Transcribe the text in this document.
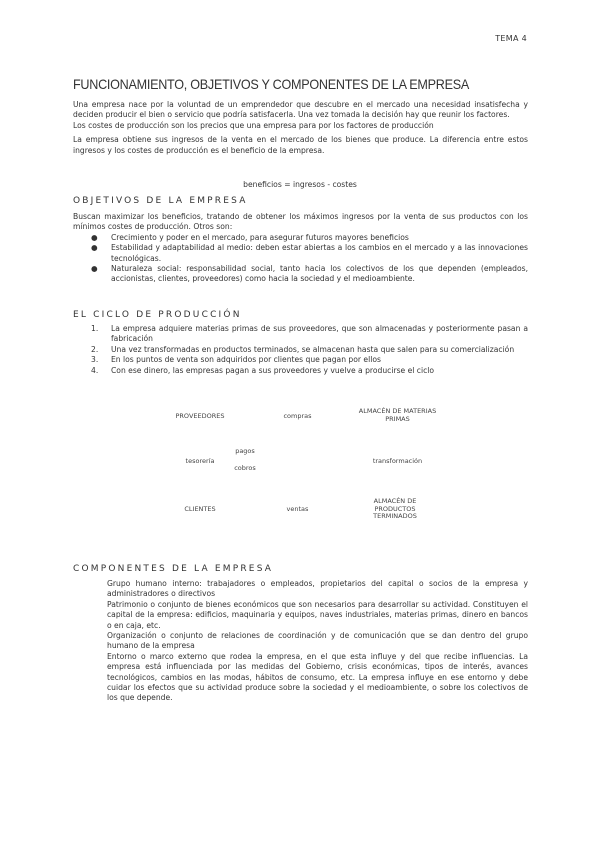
TEMA 4
FUNCIONAMIENTO, OBJETIVOS Y COMPONENTES DE LA EMPRESA

Una empresa nace por la voluntad de un emprendedor que descubre en el mercado una necesidad insatisfecha y deciden producir el bien o servicio que podría satisfacerla. Una vez tomada la decisión hay que reunir los factores.

Los costes de producción son los precios que una empresa para por los factores de producción

La empresa obtiene sus ingresos de la venta en el mercado de los bienes que produce. La diferencia entre estos ingresos y los costes de producción es el beneficio de la empresa.

beneficios = ingresos - costes
OBJETIVOS DE LA EMPRESA

Buscan maximizar los beneficios, tratando de obtener los máximos ingresos por la venta de sus productos con los mínimos costes de producción. Otros son:

● Crecimiento y poder en el mercado, para asegurar futuros mayores beneficios
● Estabilidad y adaptabilidad al medio: deben estar abiertas a los cambios en el mercado y a las innovaciones tecnológicas.
● Naturaleza social: responsabilidad social, tanto hacia los colectivos de los que dependen (empleados, accionistas, clientes, proveedores) como hacia la sociedad y el medioambiente.
EL CICLO DE PRODUCCIÓN
1. La empresa adquiere materias primas de sus proveedores, que son almacenadas y posteriormente pasan a fabricación
2. Una vez transformadas en productos terminados, se almacenan hasta que salen para su comercialización
3. En los puntos de venta son adquiridos por clientes que pagan por ellos
4. Con ese dinero, las empresas pagan a sus proveedores y vuelve a producirse el ciclo
PROVEEDORES	compras
ALMACÉN DE MATERIAS PRIMAS
pagos
tesorería
cobros
transformación
CLIENTES	ventas
ALMACÉN DE PRODUCTOS TERMINADOS
COMPONENTES DE LA EMPRESA

Grupo humano interno: trabajadores o empleados, propietarios del capital o socios de la empresa y administradores o directivos

Patrimonio o conjunto de bienes económicos que son necesarios para desarrollar su actividad. Constituyen el capital de la empresa: edificios, maquinaria y equipos, naves industriales, materias primas, dinero en bancos o en caja, etc.

Organización o conjunto de relaciones de coordinación y de comunicación que se dan dentro del grupo humano de la empresa

Entorno o marco externo que rodea la empresa, en el que esta influye y del que recibe influencias. La empresa está influenciada por las medidas del Gobierno, crisis económicas, tipos de interés, avances tecnológicos, cambios en las modas, hábitos de consumo, etc. La empresa influye en ese entorno y debe cuidar los efectos que su actividad produce sobre la sociedad y el medioambiente, o sobre los colectivos de los que depende.
